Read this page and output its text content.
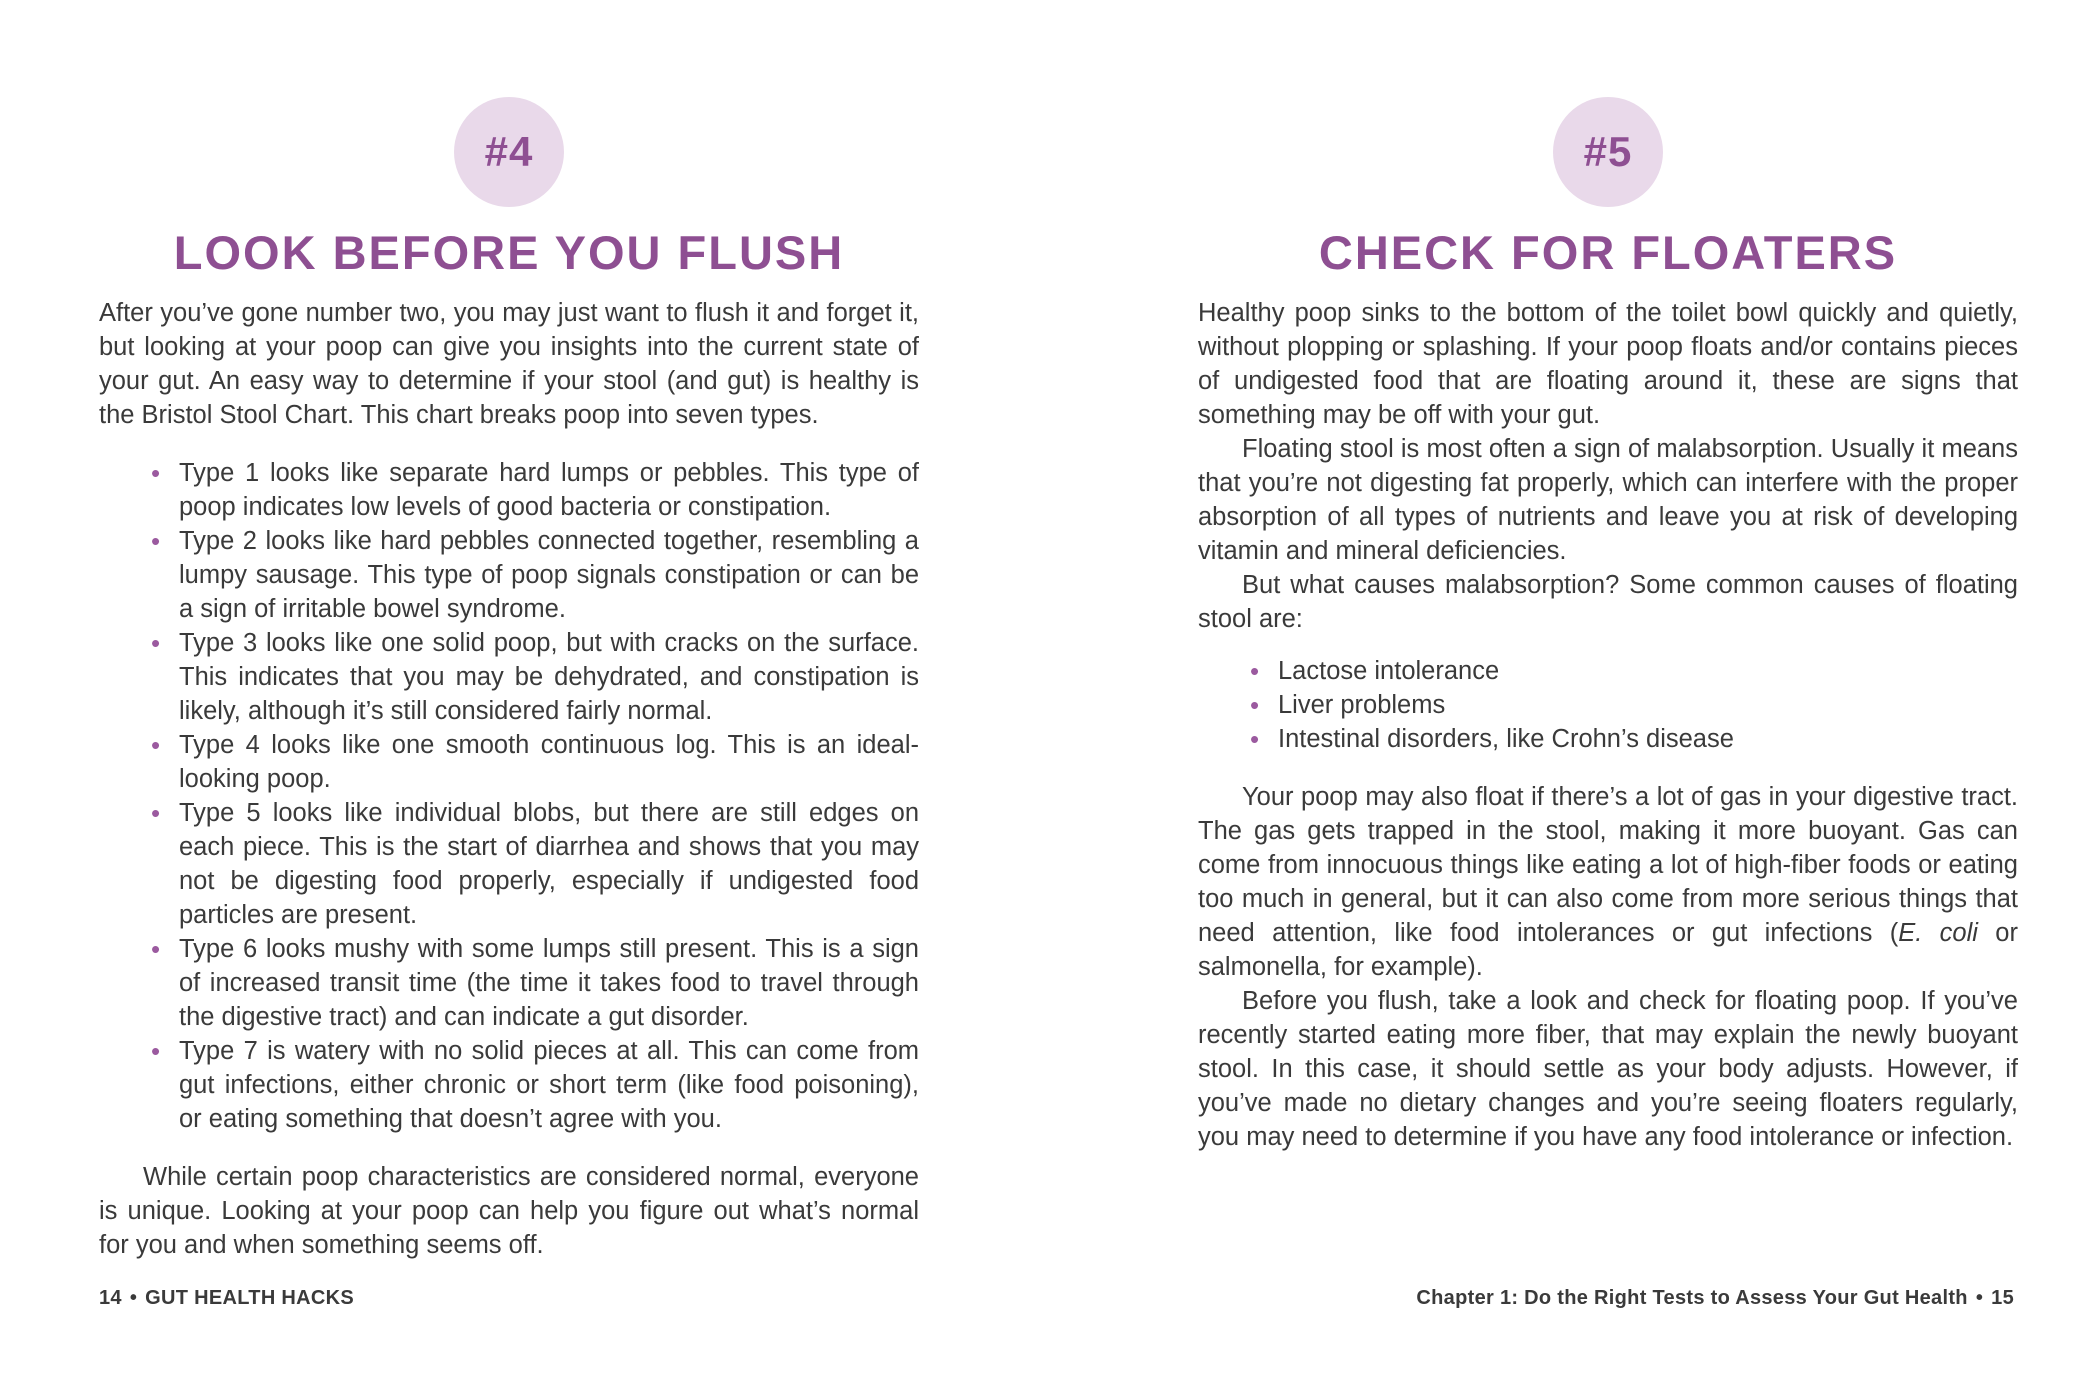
#4
LOOK BEFORE YOU FLUSH

After you’ve gone number two, you may just want to flush it and forget it, but looking at your poop can give you insights into the current state of your gut. An easy way to determine if your stool (and gut) is healthy is the Bristol Stool Chart. This chart breaks poop into seven types.

• Type 1 looks like separate hard lumps or pebbles. This type of poop indicates low levels of good bacteria or constipation.
• Type 2 looks like hard pebbles connected together, resembling a lumpy sausage. This type of poop signals constipation or can be a sign of irritable bowel syndrome.
• Type 3 looks like one solid poop, but with cracks on the surface. This indicates that you may be dehydrated, and constipation is likely, although it’s still considered fairly normal.
• Type 4 looks like one smooth continuous log. This is an ideal-looking poop.
• Type 5 looks like individual blobs, but there are still edges on each piece. This is the start of diarrhea and shows that you may not be digesting food properly, especially if undigested food particles are present.
• Type 6 looks mushy with some lumps still present. This is a sign of increased transit time (the time it takes food to travel through the digestive tract) and can indicate a gut disorder.
• Type 7 is watery with no solid pieces at all. This can come from gut infections, either chronic or short term (like food poisoning), or eating something that doesn’t agree with you.

While certain poop characteristics are considered normal, everyone is unique. Looking at your poop can help you figure out what’s normal for you and when something seems off.

#5
CHECK FOR FLOATERS

Healthy poop sinks to the bottom of the toilet bowl quickly and quietly, without plopping or splashing. If your poop floats and/or contains pieces of undigested food that are floating around it, these are signs that something may be off with your gut.

Floating stool is most often a sign of malabsorption. Usually it means that you’re not digesting fat properly, which can interfere with the proper absorption of all types of nutrients and leave you at risk of developing vitamin and mineral deficiencies.

But what causes malabsorption? Some common causes of floating stool are:

• Lactose intolerance
• Liver problems
• Intestinal disorders, like Crohn’s disease

Your poop may also float if there’s a lot of gas in your digestive tract. The gas gets trapped in the stool, making it more buoyant. Gas can come from innocuous things like eating a lot of high-fiber foods or eating too much in general, but it can also come from more serious things that need attention, like food intolerances or gut infections (E. coli or salmonella, for example).

Before you flush, take a look and check for floating poop. If you’ve recently started eating more fiber, that may explain the newly buoyant stool. In this case, it should settle as your body adjusts. However, if you’ve made no dietary changes and you’re seeing floaters regularly, you may need to determine if you have any food intolerance or infection.

14 • GUT HEALTH HACKS	Chapter 1: Do the Right Tests to Assess Your Gut Health • 15
